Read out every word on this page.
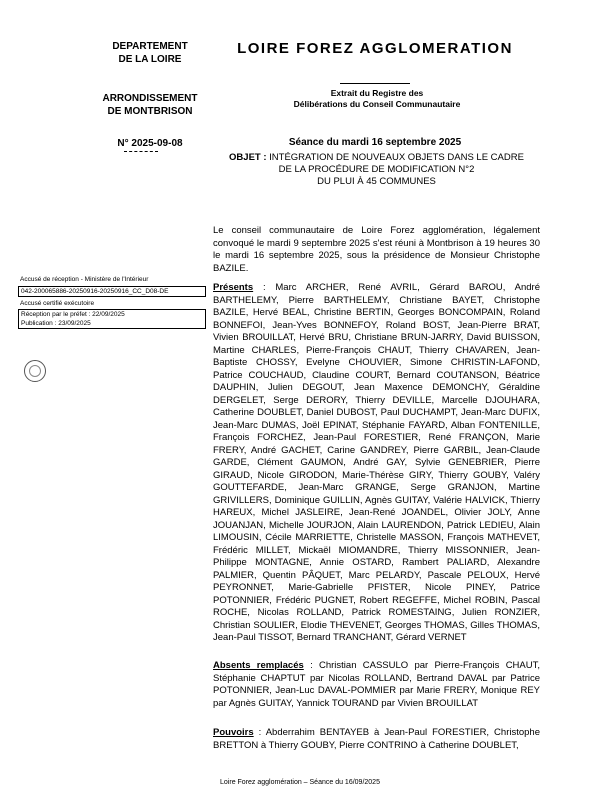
DEPARTEMENT
DE LA LOIRE
ARRONDISSEMENT
DE MONTBRISON
N° 2025-09-08
LOIRE FOREZ AGGLOMERATION
Extrait du Registre des
Délibérations du Conseil Communautaire
Séance du mardi 16 septembre 2025
OBJET : INTÉGRATION DE NOUVEAUX OBJETS DANS LE CADRE
DE LA PROCÉDURE DE MODIFICATION N°2
DU PLUI À 45 COMMUNES
Le conseil communautaire de Loire Forez agglomération, légalement convoqué le mardi 9 septembre 2025 s'est réuni à Montbrison à 19 heures 30 le mardi 16 septembre 2025, sous la présidence de Monsieur Christophe BAZILE.
Présents : Marc ARCHER, René AVRIL, Gérard BAROU, André BARTHELEMY, Pierre BARTHELEMY, Christiane BAYET, Christophe BAZILE, Hervé BEAL, Christine BERTIN, Georges BONCOMPAIN, Roland BONNEFOI, Jean-Yves BONNEFOY, Roland BOST, Jean-Pierre BRAT, Vivien BROUILLAT, Hervé BRU, Christiane BRUN-JARRY, David BUISSON, Martine CHARLES, Pierre-François CHAUT, Thierry CHAVAREN, Jean-Baptiste CHOSSY, Evelyne CHOUVIER, Simone CHRISTIN-LAFOND, Patrice COUCHAUD, Claudine COURT, Bernard COUTANSON, Béatrice DAUPHIN, Julien DEGOUT, Jean Maxence DEMONCHY, Géraldine DERGELET, Serge DERORY, Thierry DEVILLE, Marcelle DJOUHARA, Catherine DOUBLET, Daniel DUBOST, Paul DUCHAMPT, Jean-Marc DUFIX, Jean-Marc DUMAS, Joël EPINAT, Stéphanie FAYARD, Alban FONTENILLE, François FORCHEZ, Jean-Paul FORESTIER, René FRANÇON, Marie FRERY, André GACHET, Carine GANDREY, Pierre GARBIL, Jean-Claude GARDE, Clément GAUMON, André GAY, Sylvie GENEBRIER, Pierre GIRAUD, Nicole GIRODON, Marie-Thérèse GIRY, Thierry GOUBY, Valéry GOUTTEFARDE, Jean-Marc GRANGE, Serge GRANJON, Martine GRIVILLERS, Dominique GUILLIN, Agnès GUITAY, Valérie HALVICK, Thierry HAREUX, Michel JASLEIRE, Jean-René JOANDEL, Olivier JOLY, Anne JOUANJAN, Michelle JOURJON, Alain LAURENDON, Patrick LEDIEU, Alain LIMOUSIN, Cécile MARRIETTE, Christelle MASSON, François MATHEVET, Frédéric MILLET, Mickaël MIOMANDRE, Thierry MISSONNIER, Jean-Philippe MONTAGNE, Annie OSTARD, Rambert PALIARD, Alexandre PALMIER, Quentin PÂQUET, Marc PELARDY, Pascale PELOUX, Hervé PEYRONNET, Marie-Gabrielle PFISTER, Nicole PINEY, Patrice POTONNIER, Frédéric PUGNET, Robert REGEFFE, Michel ROBIN, Pascal ROCHE, Nicolas ROLLAND, Patrick ROMESTAING, Julien RONZIER, Christian SOULIER, Elodie THEVENET, Georges THOMAS, Gilles THOMAS, Jean-Paul TISSOT, Bernard TRANCHANT, Gérard VERNET
Absents remplacés : Christian CASSULO par Pierre-François CHAUT, Stéphanie CHAPTUT par Nicolas ROLLAND, Bertrand DAVAL par Patrice POTONNIER, Jean-Luc DAVAL-POMMIER par Marie FRERY, Monique REY par Agnès GUITAY, Yannick TOURAND par Vivien BROUILLAT
Pouvoirs : Abderrahim BENTAYEB à Jean-Paul FORESTIER, Christophe BRETTON à Thierry GOUBY, Pierre CONTRINO à Catherine DOUBLET,
Accusé de réception - Ministère de l'Intérieur
042-200065886-20250916-20250916_CC_D08-DE
Accusé certifié exécutoire
Réception par le préfet : 22/09/2025
Publication : 23/09/2025
Loire Forez agglomération – Séance du 16/09/2025
